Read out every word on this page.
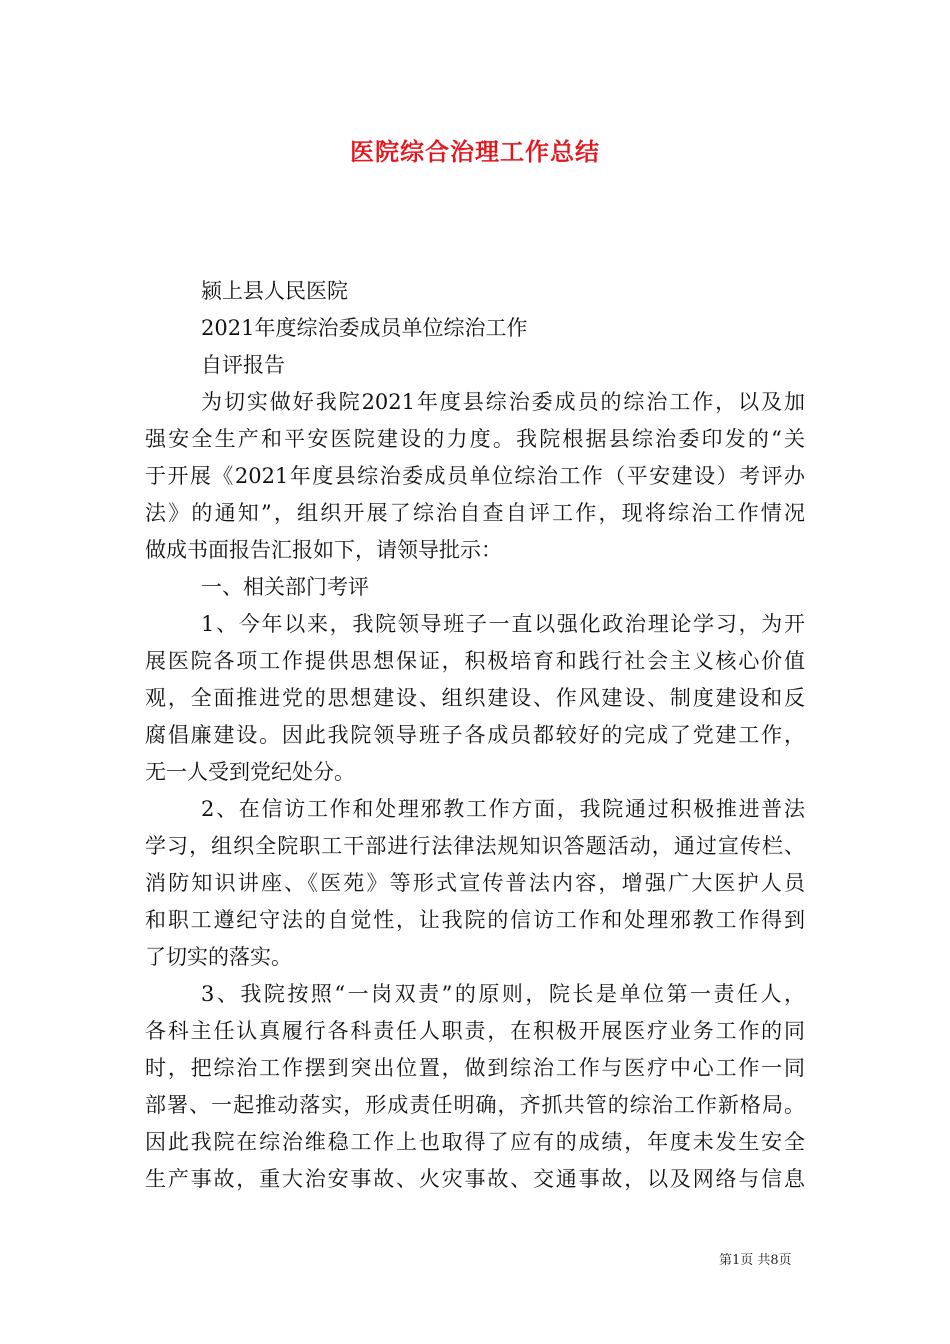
医院综合治理工作总结
颍上县人民医院
2021年度综治委成员单位综治工作
自评报告
为切实做好我院2021年度县综治委成员的综治工作，以及加
强安全生产和平安医院建设的力度。我院根据县综治委印发的“关
于开展《2021年度县综治委成员单位综治工作（平安建设）考评办
法》的通知”，组织开展了综治自查自评工作，现将综治工作情况
做成书面报告汇报如下，请领导批示：
一、相关部门考评
1、今年以来，我院领导班子一直以强化政治理论学习，为开
展医院各项工作提供思想保证，积极培育和践行社会主义核心价值
观，全面推进党的思想建设、组织建设、作风建设、制度建设和反
腐倡廉建设。因此我院领导班子各成员都较好的完成了党建工作，
无一人受到党纪处分。
2、在信访工作和处理邪教工作方面，我院通过积极推进普法
学习，组织全院职工干部进行法律法规知识答题活动，通过宣传栏、
消防知识讲座、《医苑》等形式宣传普法内容，增强广大医护人员
和职工遵纪守法的自觉性，让我院的信访工作和处理邪教工作得到
了切实的落实。
3、我院按照“一岗双责”的原则，院长是单位第一责任人，
各科主任认真履行各科责任人职责，在积极开展医疗业务工作的同
时，把综治工作摆到突出位置，做到综治工作与医疗中心工作一同
部署、一起推动落实，形成责任明确，齐抓共管的综治工作新格局。
因此我院在综治维稳工作上也取得了应有的成绩，年度未发生安全
生产事故，重大治安事故、火灾事故、交通事故，以及网络与信息
第1页 共8页
